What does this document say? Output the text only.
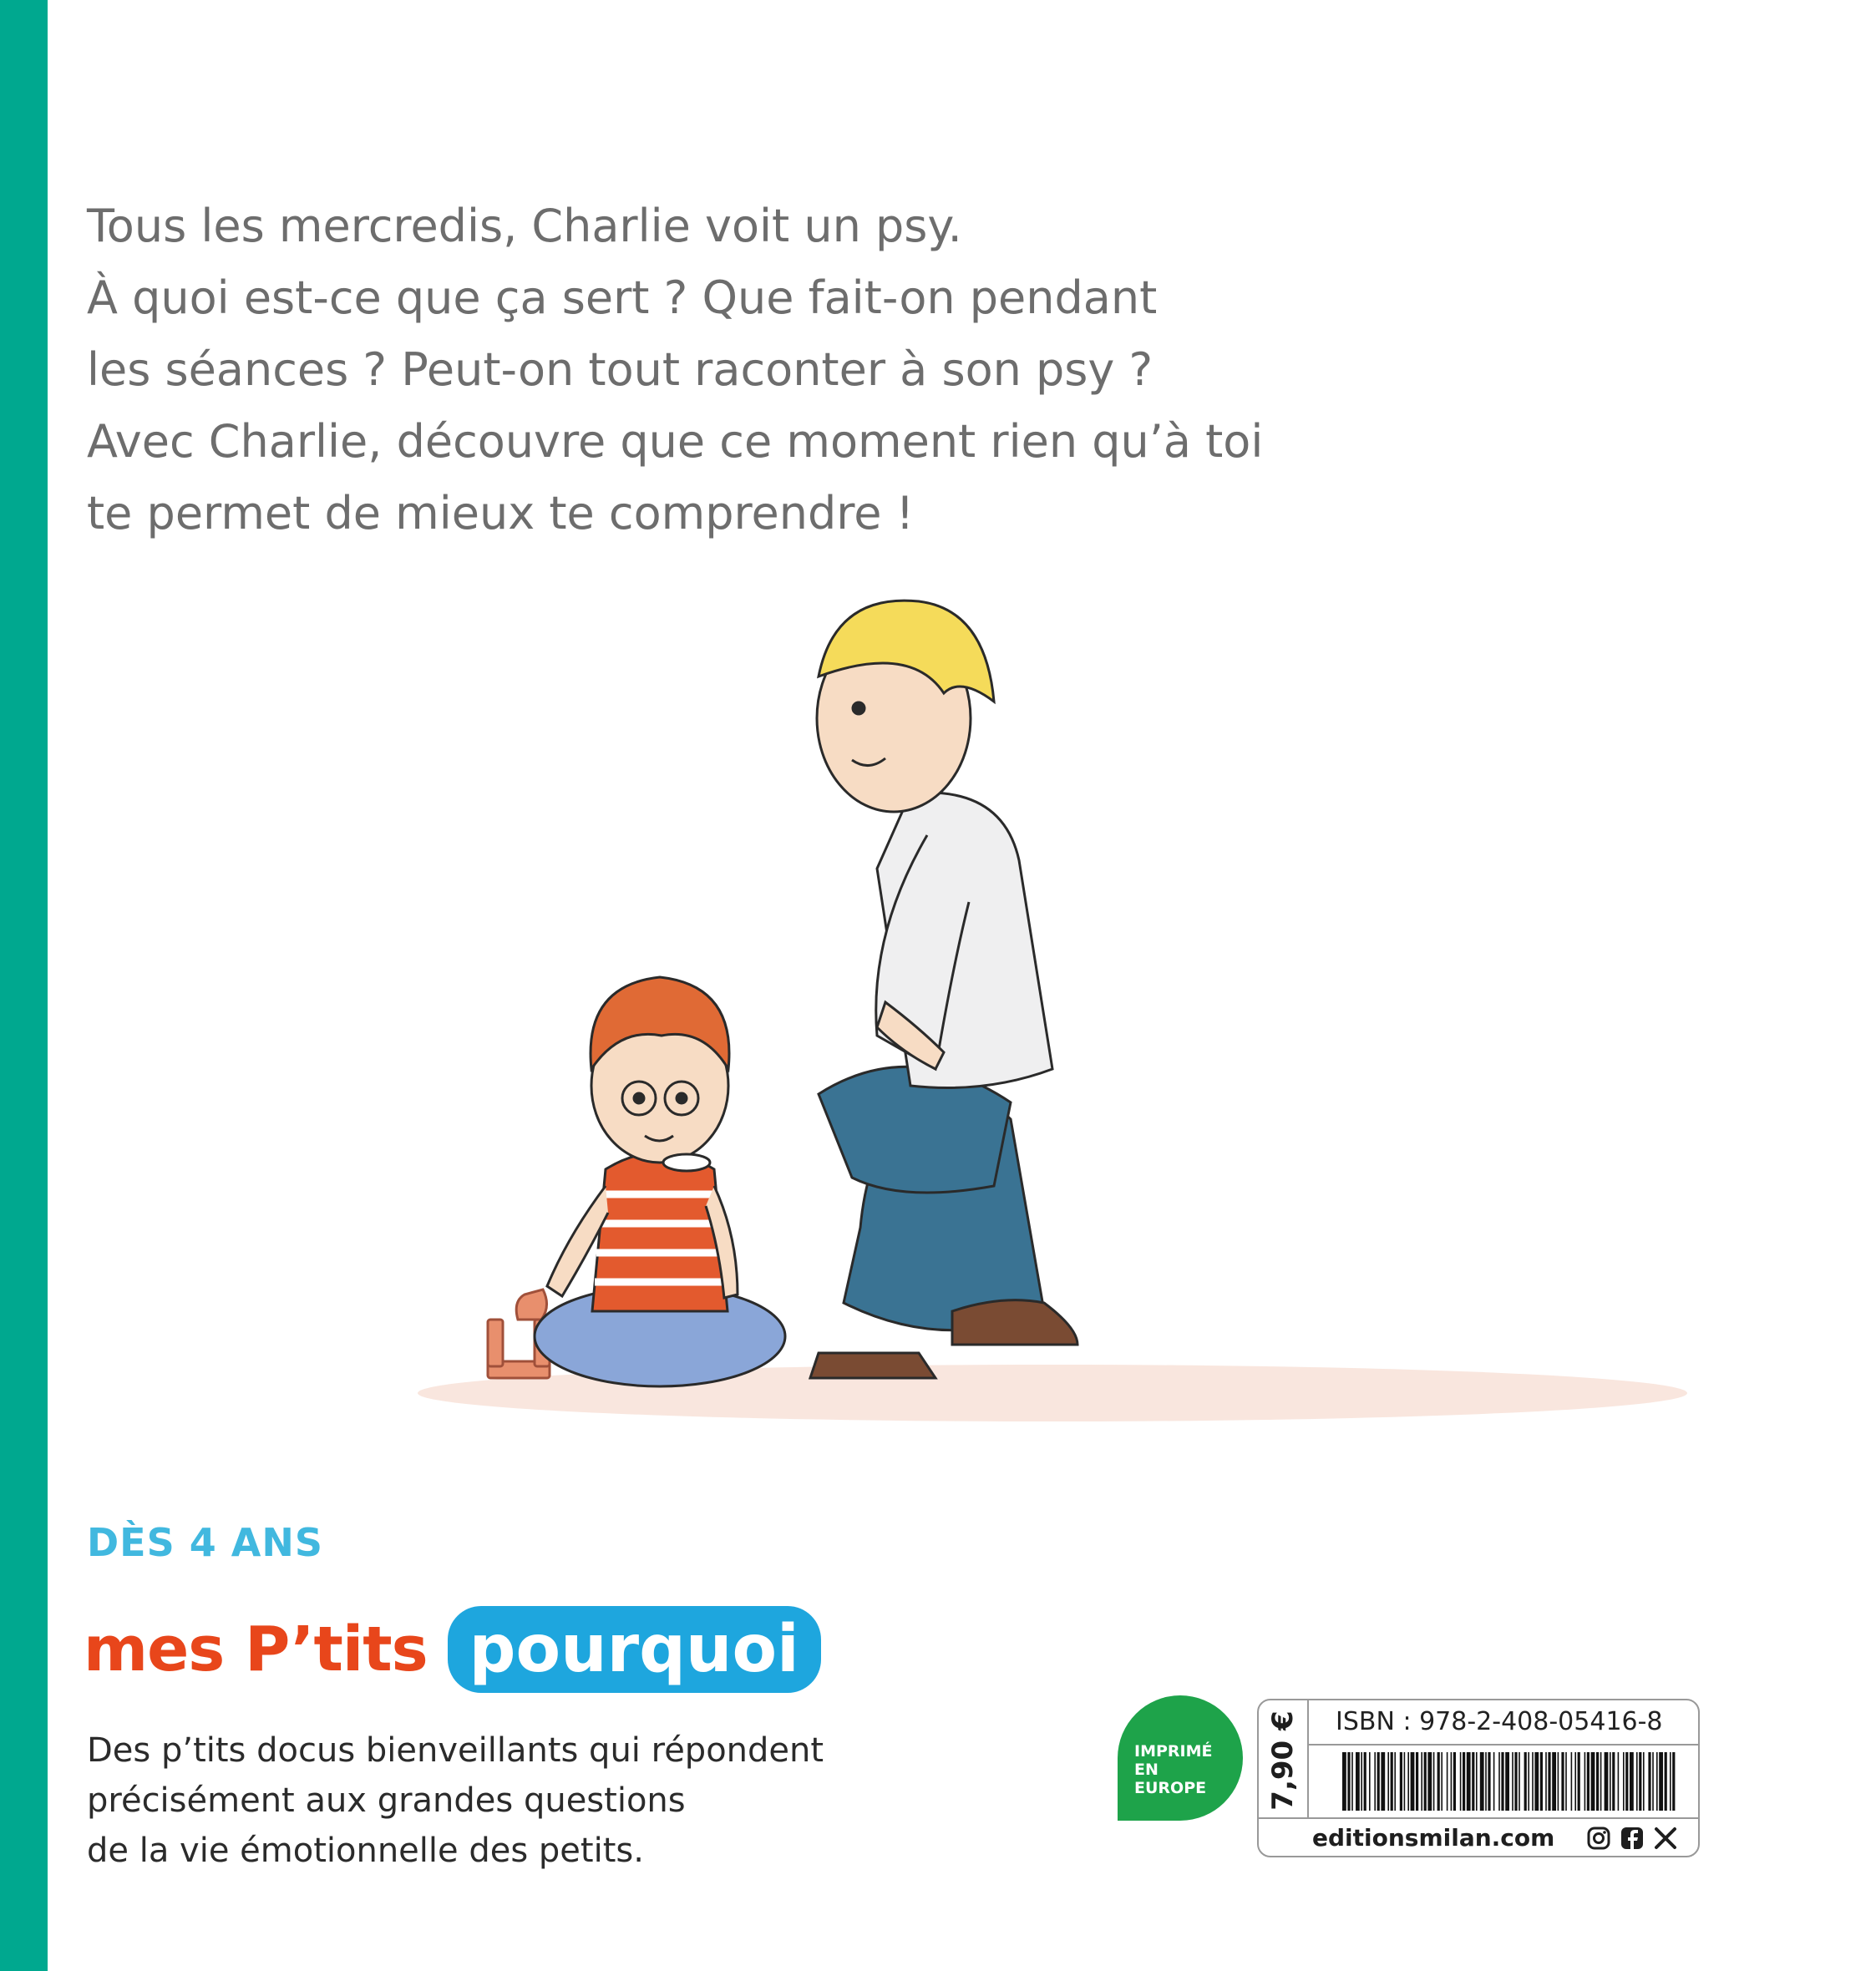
Tous les mercredis, Charlie voit un psy.
À quoi est-ce que ça sert ? Que fait-on pendant
les séances ? Peut-on tout raconter à son psy ?
Avec Charlie, découvre que ce moment rien qu’à toi
te permet de mieux te comprendre !

DÈS 4 ANS
mes P’tits pourquoi

Des p’tits docus bienveillants qui répondent
précisément aux grandes questions
de la vie émotionnelle des petits.

IMPRIMÉ
EN
EUROPE	7,90 € ISBN : 978-2-408-05416-8
editionsmilan.com
